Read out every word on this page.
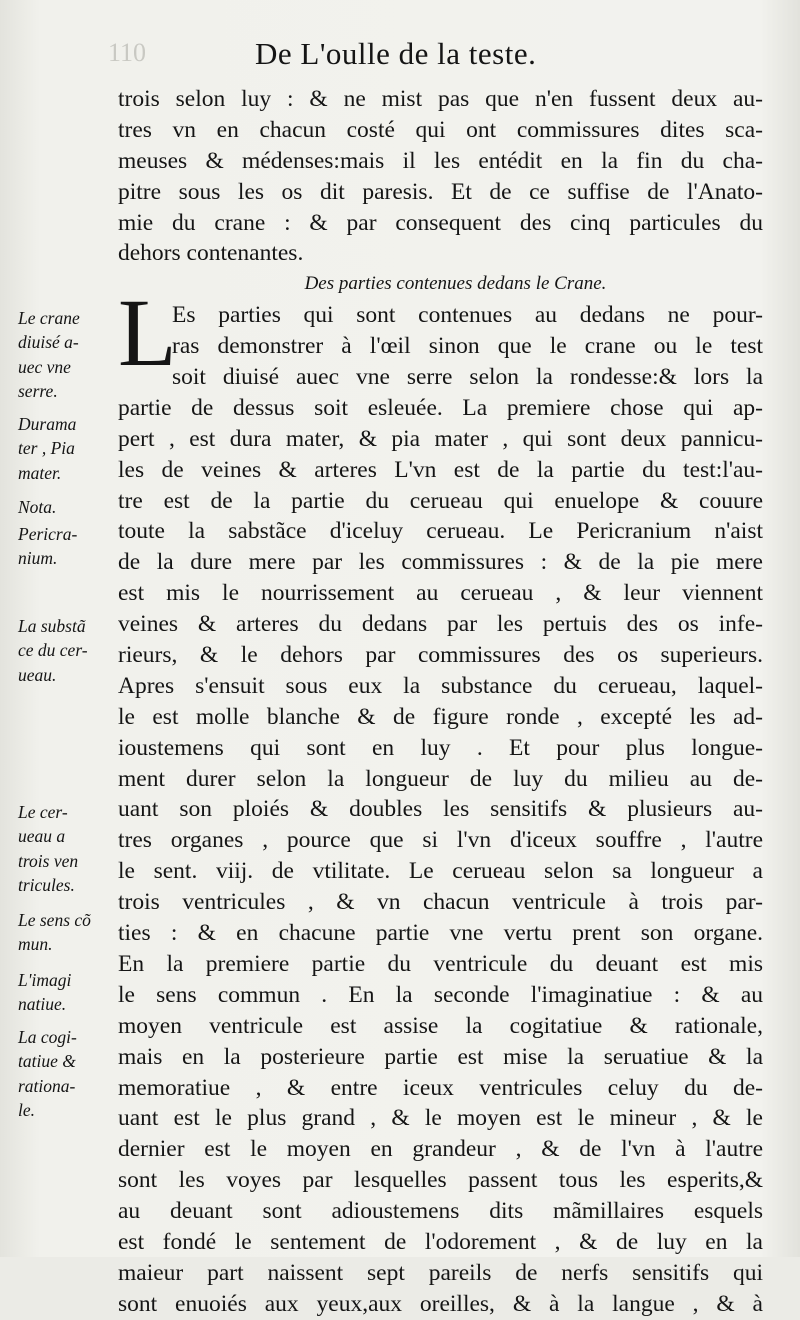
110	De L'oulle de la teste.
trois selon luy : & ne mist pas que n'en fussent deux au-
tres vn en chacun costé qui ont commissures dites sca-
meuses & médenses:mais il les entédit en la fin du cha-
pitre sous les os dit paresis. Et de ce suffise de l'Anato-
mie du crane : & par consequent des cinq particules du
dehors contenantes.
Des parties contenues dedans le Crane.
Es parties qui sont contenues au dedans ne pour-
ras demonstrer à l'œil sinon que le crane ou le test
soit diuisé auec vne serre selon la rondesse:& lors la
partie de dessus soit esleuée. La premiere chose qui ap-
pert , est dura mater, & pia mater , qui sont deux pannicu-
les de veines & arteres L'vn est de la partie du test:l'au-
tre est de la partie du cerueau qui enuelope & couure
toute la sabstãce d'iceluy cerueau. Le Pericranium n'aist
de la dure mere par les commissures : & de la pie mere
est mis le nourrissement au cerueau , & leur viennent
veines & arteres du dedans par les pertuis des os infe-
rieurs, & le dehors par commissures des os superieurs.
Apres s'ensuit sous eux la substance du cerueau, laquel-
le est molle blanche & de figure ronde , excepté les ad-
ioustemens qui sont en luy . Et pour plus longue-
ment durer selon la longueur de luy du milieu au de-
uant son ploiés & doubles les sensitifs & plusieurs au-
tres organes , pource que si l'vn d'iceux souffre , l'autre
le sent. viij. de vtilitate. Le cerueau selon sa longueur a
trois ventricules , & vn chacun ventricule à trois par-
ties : & en chacune partie vne vertu prent son organe.
En la premiere partie du ventricule du deuant est mis
le sens commun . En la seconde l'imaginatiue : & au
moyen ventricule est assise la cogitatiue & rationale,
mais en la posterieure partie est mise la seruatiue & la
memoratiue , & entre iceux ventricules celuy du de-
uant est le plus grand , & le moyen est le mineur , & le
dernier est le moyen en grandeur , & de l'vn à l'autre
sont les voyes par lesquelles passent tous les esperits,&
au deuant sont adioustemens dits mãmillaires esquels
est fondé le sentement de l'odorement , & de luy en la
maieur part naissent sept pareils de nerfs sensitifs qui
sont enuoiés aux yeux,aux oreilles, & à la langue , & à
L
Le crane
diuisé a-
uec vne
serre.
Durama
ter , Pia
mater.
Nota.
Pericra-
nium.
La substã
ce du cer-
ueau.
Le cer-
ueau a
trois ven
tricules.
Le sens cõ
mun.
L'imagi
natiue.
La cogi-
tatiue &
rationa-
le.
